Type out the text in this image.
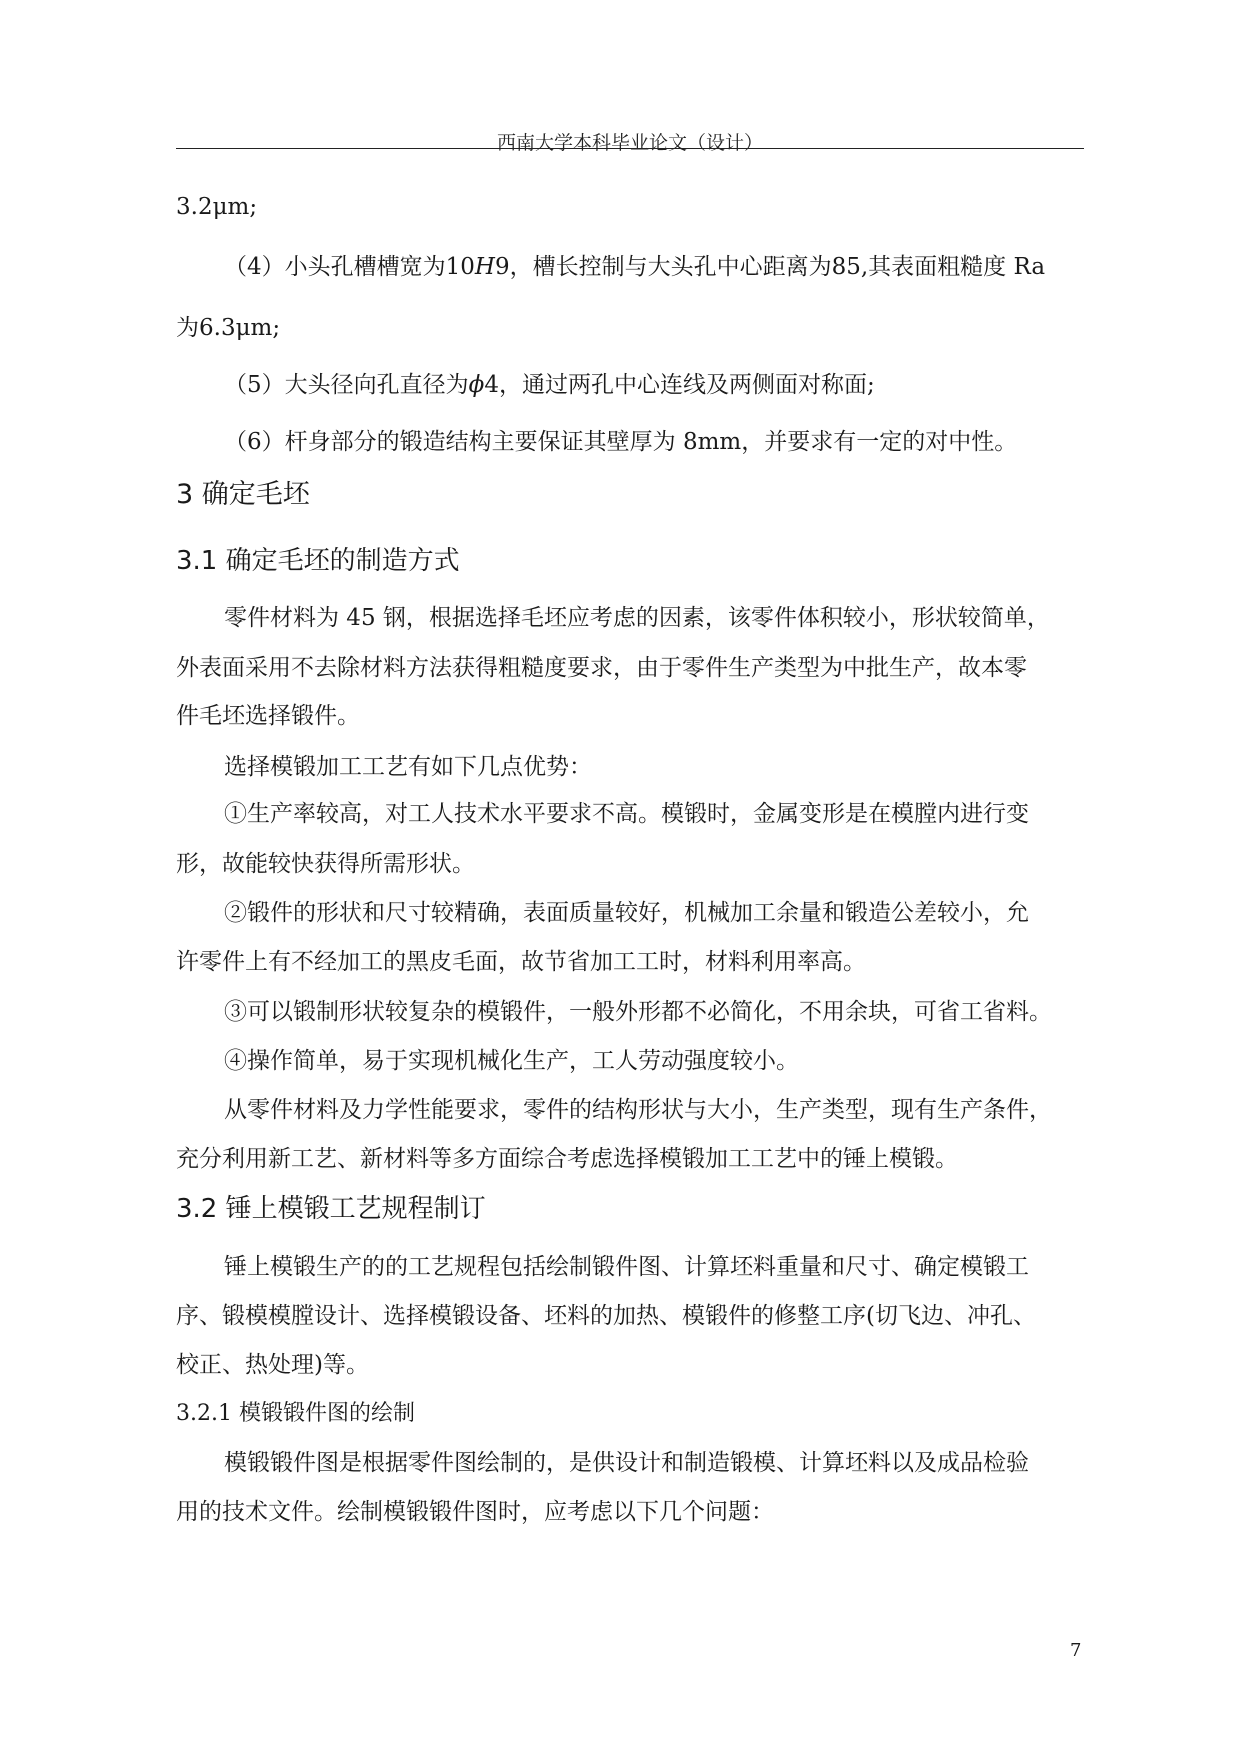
西南大学本科毕业论文（设计）
3.2μm;
（4）小头孔槽槽宽为10H9，槽长控制与大头孔中心距离为85,其表面粗糙度 Ra
为6.3μm;
（5）大头径向孔直径为ϕ4，通过两孔中心连线及两侧面对称面;
（6）杆身部分的锻造结构主要保证其壁厚为 8mm，并要求有一定的对中性。
3 确定毛坯
3.1 确定毛坯的制造方式
零件材料为 45 钢，根据选择毛坯应考虑的因素，该零件体积较小，形状较简单，
外表面采用不去除材料方法获得粗糙度要求，由于零件生产类型为中批生产，故本零
件毛坯选择锻件。
选择模锻加工工艺有如下几点优势：
①生产率较高，对工人技术水平要求不高。模锻时，金属变形是在模膛内进行变
形，故能较快获得所需形状。
②锻件的形状和尺寸较精确，表面质量较好，机械加工余量和锻造公差较小，允
许零件上有不经加工的黑皮毛面，故节省加工工时，材料利用率高。
③可以锻制形状较复杂的模锻件，一般外形都不必简化，不用余块，可省工省料。
④操作简单，易于实现机械化生产，工人劳动强度较小。
从零件材料及力学性能要求，零件的结构形状与大小，生产类型，现有生产条件，
充分利用新工艺、新材料等多方面综合考虑选择模锻加工工艺中的锤上模锻。
3.2 锤上模锻工艺规程制订
锤上模锻生产的的工艺规程包括绘制锻件图、计算坯料重量和尺寸、确定模锻工
序、锻模模膛设计、选择模锻设备、坯料的加热、模锻件的修整工序(切飞边、冲孔、
校正、热处理)等。
3.2.1 模锻锻件图的绘制
模锻锻件图是根据零件图绘制的，是供设计和制造锻模、计算坯料以及成品检验
用的技术文件。绘制模锻锻件图时，应考虑以下几个问题：
7
